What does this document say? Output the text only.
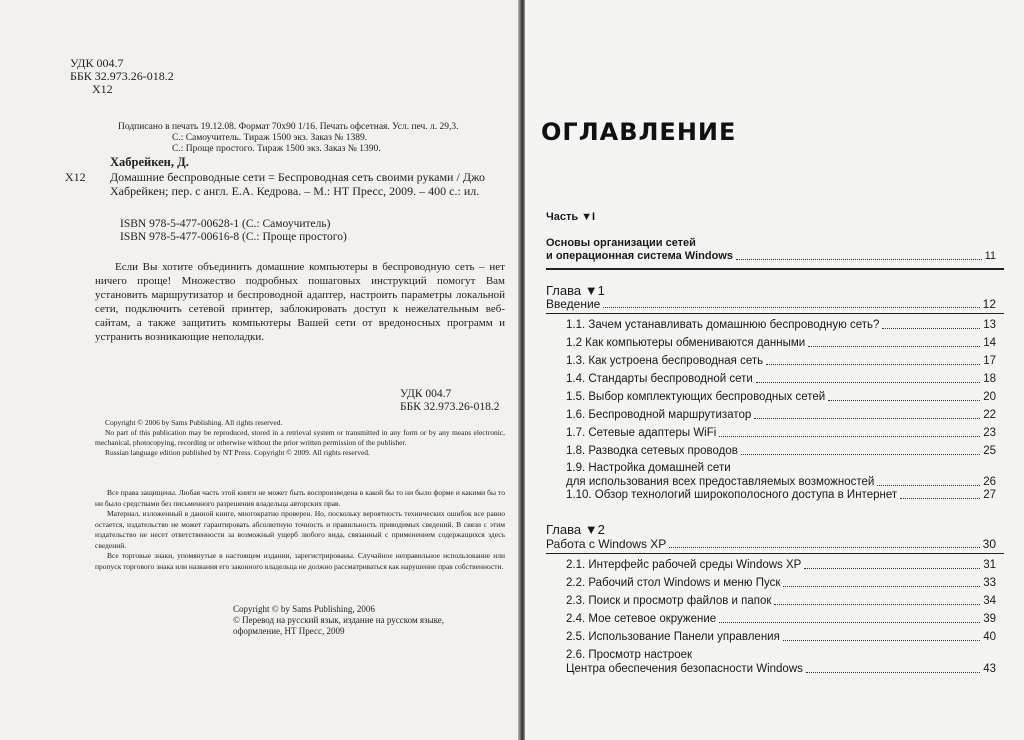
УДК 004.7
ББК 32.973.26-018.2
Х12
Подписано в печать 19.12.08. Формат 70x90 1/16. Печать офсетная. Усл. печ. л. 29,3.
С.: Самоучитель. Тираж 1500 экз. Заказ № 1389.
С.: Проще простого. Тираж 1500 экз. Заказ № 1390.
Хабрейкен, Д.
Х12 Домашние беспроводные сети = Беспроводная сеть своими руками / Джо Хабрейкен; пер. с англ. Е.А. Кедрова. – М.: НТ Пресс, 2009. – 400 с.: ил.
ISBN 978-5-477-00628-1 (С.: Самоучитель)
ISBN 978-5-477-00616-8 (С.: Проще простого)
Если Вы хотите объединить домашние компьютеры в беспроводную сеть – нет ничего проще! Множество подробных пошаговых инструкций помогут Вам установить маршрутизатор и беспроводной адаптер, настроить параметры локальной сети, подключить сетевой принтер, заблокировать доступ к нежелательным веб-сайтам, а также защитить компьютеры Вашей сети от вредоносных программ и устранить возникающие неполадки.
УДК 004.7
ББК 32.973.26-018.2

Copyright © 2006 by Sams Publishing. All rights reserved.

No part of this publication may be reproduced, stored in a retrieval system or transmitted in any form or by any means electronic, mechanical, photocopying, recording or otherwise without the prior written permission of the publisher.

Russian language edition published by NT Press. Copyright © 2009. All rights reserved.

Все права защищены. Любая часть этой книги не может быть воспроизведена в какой бы то ни было форме и какими бы то ни было средствами без письменного разрешения владельца авторских прав.

Материал, изложенный в данной книге, многократно проверен. Но, поскольку вероятность технических ошибок все равно остается, издательство не может гарантировать абсолютную точность и правильность приводимых сведений. В связи с этим издательство не несет ответственности за возможный ущерб любого вида, связанный с применением содержащихся здесь сведений.

Все торговые знаки, упомянутые в настоящем издании, зарегистрированы. Случайное неправильное использование или пропуск торгового знака или названия его законного владельца не должно рассматриваться как нарушение прав собственности.

Copyright © by Sams Publishing, 2006
© Перевод на русский язык, издание на русском языке,
оформление, НТ Пресс, 2009
ОГЛАВЛЕНИЕ
Часть ▼I
Основы организации сетей
и операционная система Windows	11
Глава ▼1
Введение	12
1.1. Зачем устанавливать домашнюю беспроводную сеть?	13
1.2 Как компьютеры обмениваются данными	14
1.3. Как устроена беспроводная сеть	17
1.4. Стандарты беспроводной сети	18
1.5. Выбор комплектующих беспроводных сетей	20
1.6. Беспроводной маршрутизатор	22
1.7. Сетевые адаптеры WiFi	23
1.8. Разводка сетевых проводов	25
1.9. Настройка домашней сети
для использования всех предоставляемых возможностей	26
1.10. Обзор технологий широкополосного доступа в Интернет	27
Глава ▼2
Работа с Windows XP	30
2.1. Интерфейс рабочей среды Windows XP	31
2.2. Рабочий стол Windows и меню Пуск	33
2.3. Поиск и просмотр файлов и папок	34
2.4. Мое сетевое окружение	39
2.5. Использование Панели управления	40
2.6. Просмотр настроек
Центра обеспечения безопасности Windows	43
